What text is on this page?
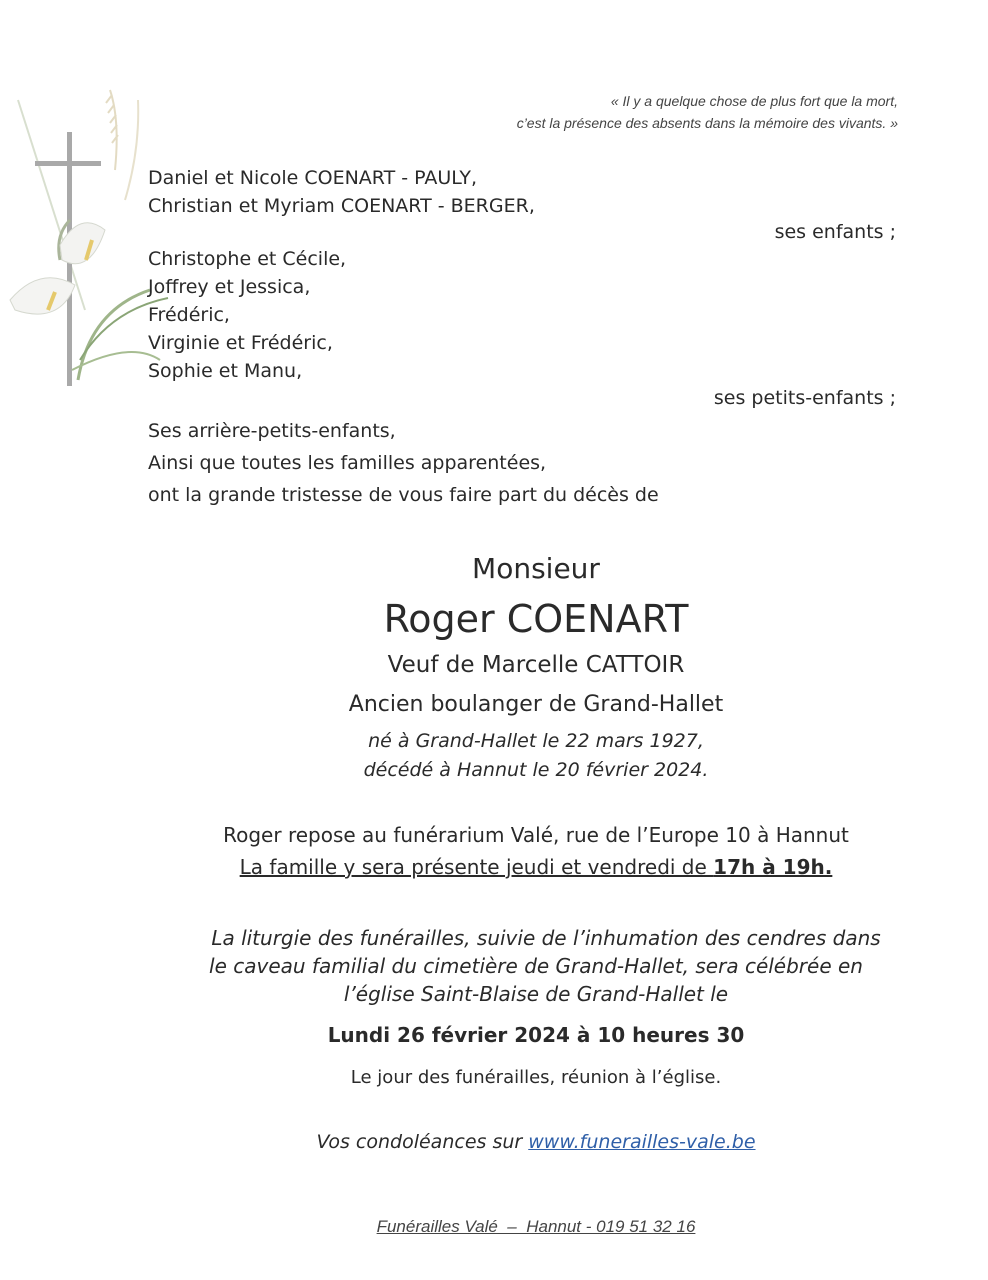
« Il y a quelque chose de plus fort que la mort,
c’est la présence des absents dans la mémoire des vivants. »
Daniel et Nicole COENART - PAULY,
Christian et Myriam COENART - BERGER,
ses enfants ;
Christophe et Cécile,
Joffrey et Jessica,
Frédéric,
Virginie et Frédéric,
Sophie et Manu,
ses petits-enfants ;
Ses arrière-petits-enfants,
Ainsi que toutes les familles apparentées,
ont la grande tristesse de vous faire part du décès de
Monsieur
Roger COENART
Veuf de Marcelle CATTOIR
Ancien boulanger de Grand-Hallet
né à Grand-Hallet le 22 mars 1927,
décédé à Hannut le 20 février 2024.
Roger repose au funérarium Valé, rue de l’Europe 10 à Hannut
La famille y sera présente jeudi et vendredi de 17h à 19h.
La liturgie des funérailles, suivie de l’inhumation des cendres dans
le caveau familial du cimetière de Grand-Hallet, sera célébrée en
l’église Saint-Blaise de Grand-Hallet le
Lundi 26 février 2024 à 10 heures 30
Le jour des funérailles, réunion à l’église.
Vos condoléances sur www.funerailles-vale.be
Funérailles Valé  –  Hannut - 019 51 32 16
